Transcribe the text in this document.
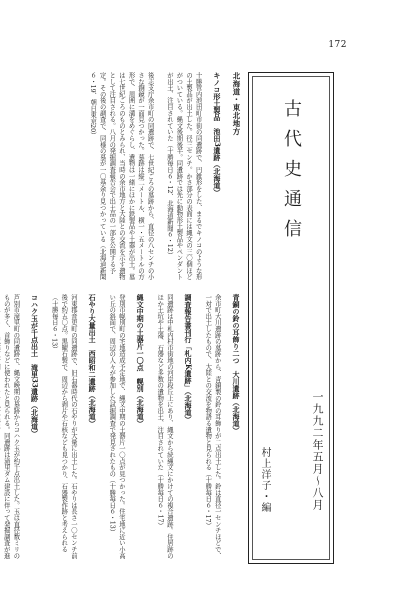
172
古代史通信
一九九二年五月〜八月
村上洋子・編
北海道・東北地方
キノコ形土製品　池田3遺跡（北海道）
十勝管内池田町市街の同遺跡で、円錐形をした、まるでキノコのような形の土製品が出土した。径三センチ。かさ部分の表面には縄文の三〇個ほどがついている。縄文後期後半。同遺跡では先に動物形土製品やペンダントが出土、注目されていた（十勝毎日６・12、北海道新聞６・12）
後志支庁余市町の同遺跡で、七世紀ごろの墓跡から、直径の八センチの小さな銅鏡が一面見つかった。墓跡は縦二メートル、横一・五メートルの方形で、周囲に溝をめぐらし、遺物は一緒にほかに鉄製品や土器が出土。墓は七世紀ころのものとみられ、当時の余市地方と大陸との交流を示す遺物として注目される。八月の発掘調査報告会で出土品の一部を公開する予定。その後の調査で、同様の墓が一〇基余り見つかっている（北海道新聞６・19、朝日東京20）
青銅の鈴の耳飾り二つ　大川遺跡（北海道）
余市町大川遺跡の墓跡から、青銅製の鈴の耳飾りが二点出土した。鈴は直径一センチほどで、一対で出土したもので、大陸との交流を物語る遺物と見られる（十勝毎日６・17）
調査報告書刊行「札内K遺跡」（北海道）
同遺跡は中札内村市街地の河岸段丘上にあり、縄文から続縄文にかけての複合遺跡。住居跡のほか土坑や土器、石器など多数の遺物を出土、注目されていた（十勝毎日６・17）
縄文中期の土器片一〇点　幌別（北海道）
登別市幌別町の宅地造成予定地で、縄文中期の土器片一〇点が見つかった。住宅地に近い小高い丘の斜面で、周辺の人々が参加した試掘調査で発見されたもの（十勝毎日６・13）
石やり大量出土　西昭和二遺跡（北海道）
河東郡音更町の同遺跡で、旧石器時代の石やりが大量に出土した。石やりは長さ一〇センチ前後で約五〇点。黒曜石製で、周辺から剥片や石核なども見つかり、石器製作跡と考えられる（十勝毎日６・13）
コハク玉が千点出土　滝里33遺跡（北海道）
芦別市滝里町の同遺跡で、縄文晩期の墓跡からコハク玉が約千点出土した。玉は直径数ミリのものが多く、首飾りなどに使われたと見られる。同遺跡は滝里ダム建設に伴って発掘調査が進
